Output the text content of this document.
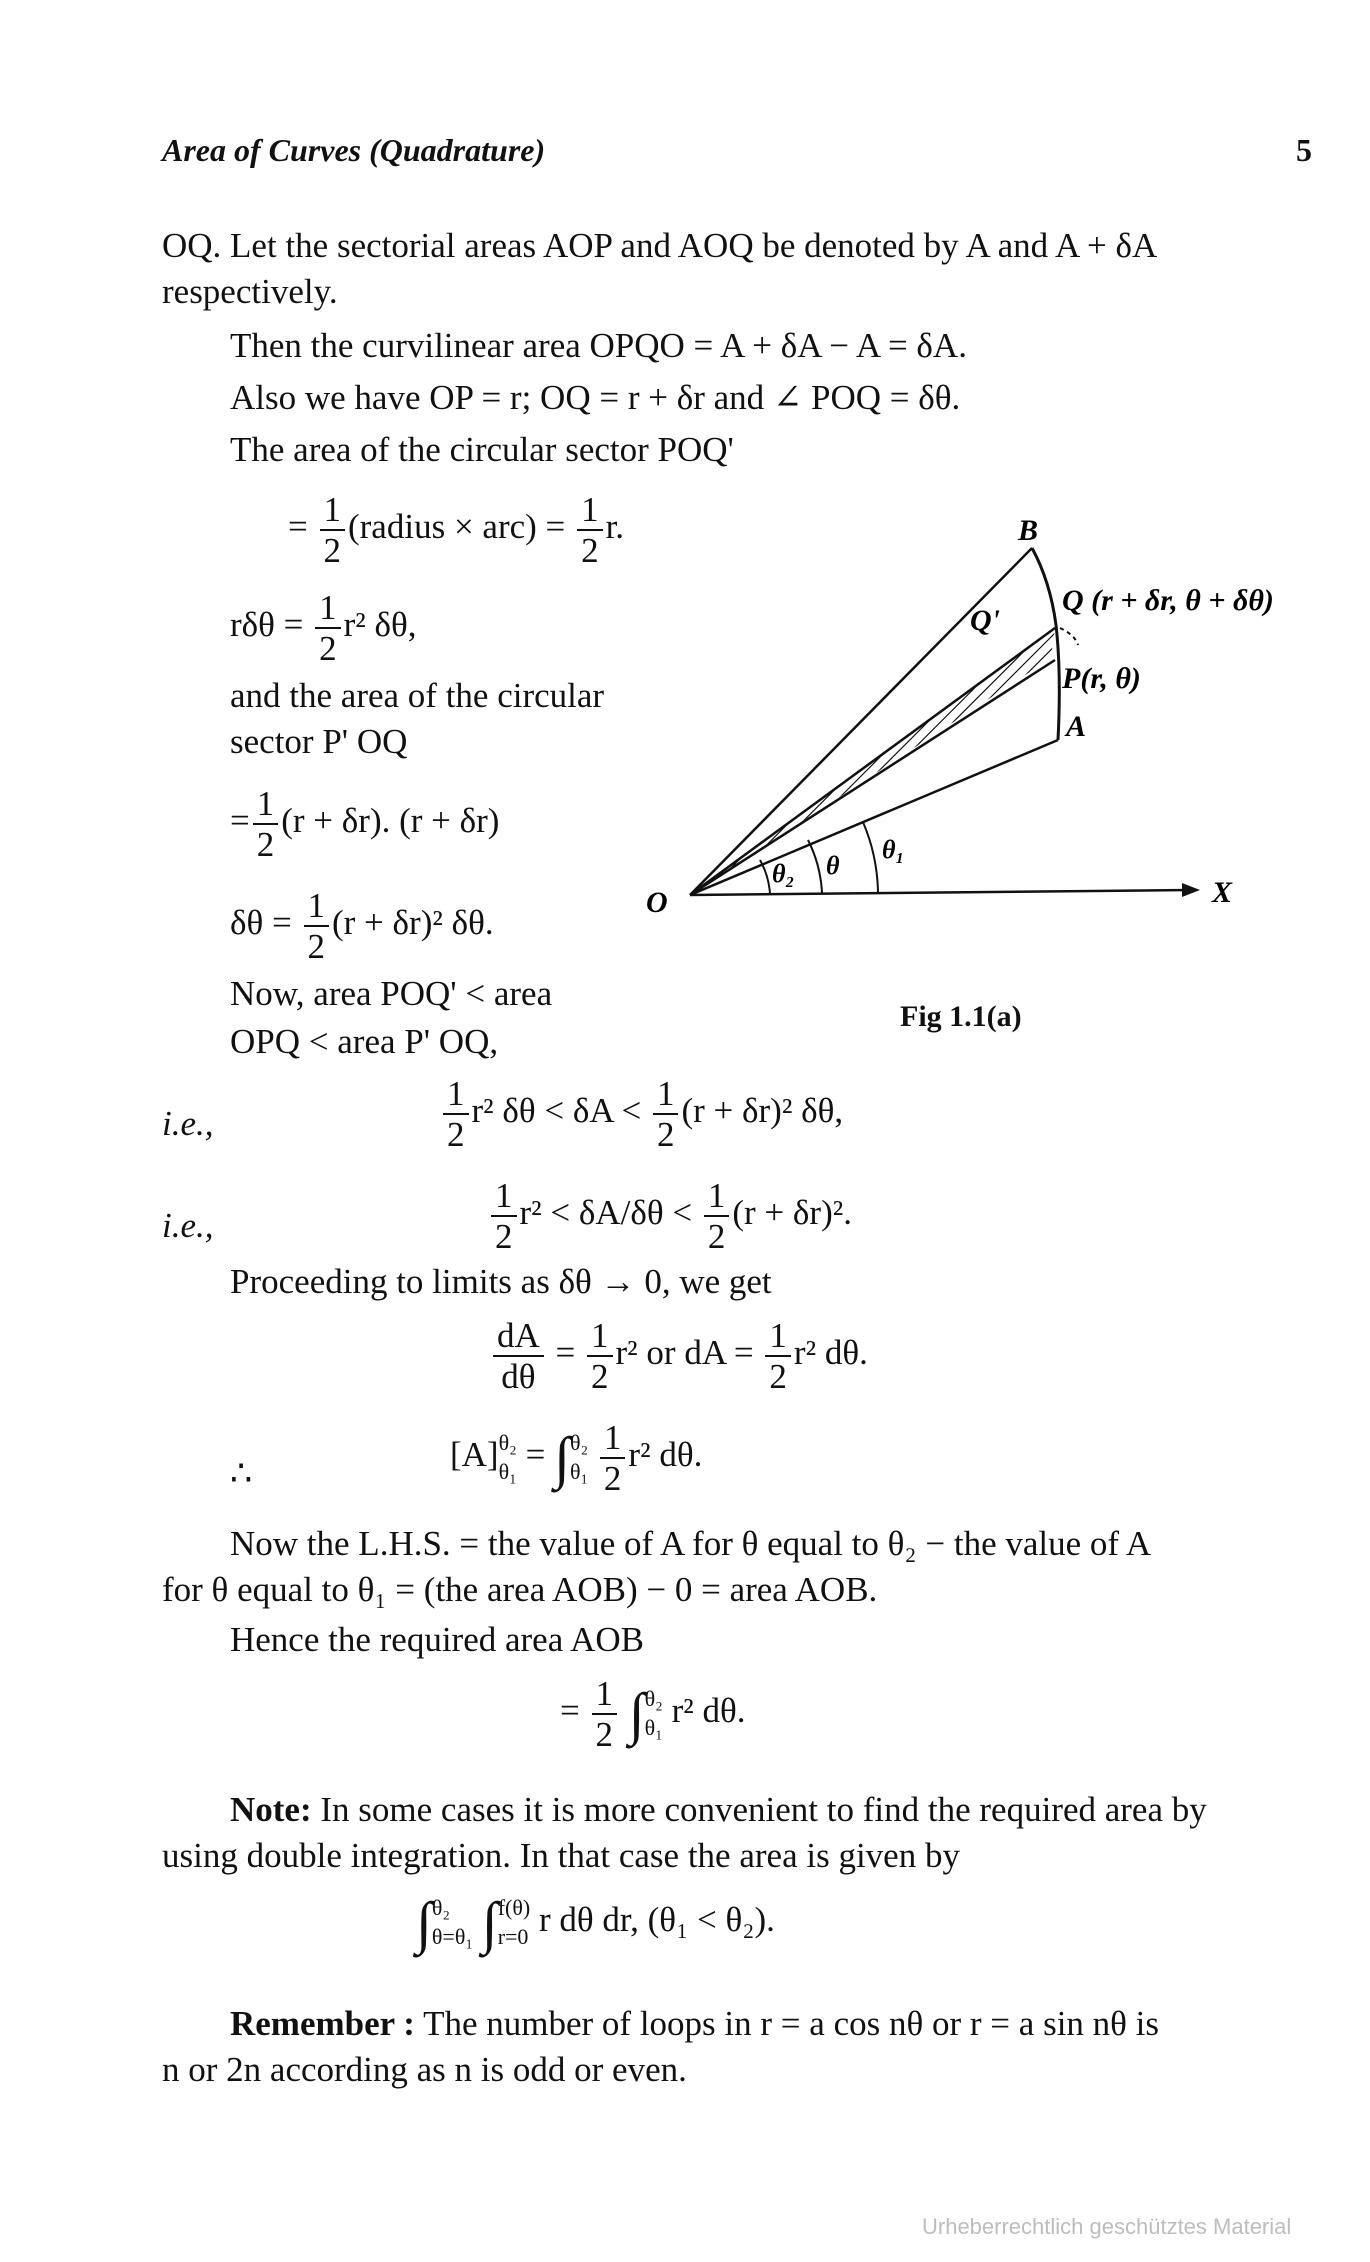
Area of Curves (Quadrature)	5
OQ. Let the sectorial areas AOP and AOQ be denoted by A and A + δA
respectively.
Then the curvilinear area OPQO = A + δA − A = δA.
Also we have OP = r; OQ = r + δr and ∠ POQ = δθ.
The area of the circular sector POQ'
= $\frac{1}{2}$ (radius × $arc) = \frac{1}{2} r$.
$r\delta\theta = \frac{1}{2} r^2$ δθ,
and the area of the circular
sector P' OQ
= $\frac{1}{2} (r + \delta r)$. (r + δr)
$\delta\theta = \frac{1}{2} (r + \delta r)^2$ δθ.
Now, area POQ' < area
OPQ < area P' OQ,
i.e.,	$\frac{1}{2} r^2$ $\delta\theta < \delta A < \frac{1}{2} (r + \delta r)^2$ δθ,
i.e.,	$\frac{1}{2} r^2 < \delta A/\delta\theta < \frac{1}{2} (r + \delta r)^2$.
Proceeding to limits as δθ → 0, we get
$\frac{dA}{d\theta} = \frac{1}{2} r^2$ or dA = $\frac{1}{2} r^2$ dθ.
∴	[A] θ₂
θ₁ = ∫ θ₂
θ₁
$\frac{1}{2} r^2$ dθ.
Now the L.H.S. = the value of A for θ equal to θ₂ − the value of A
for θ equal to θ₁ = (the area AOB) − 0 = area AOB.
Hence the required area AOB
= $\frac{1}{2}$ ∫ θ₂
θ₁ r² dθ.
Note: In some cases it is more convenient to find the required area by
using double integration. In that case the area is given by
∫ θ₂
θ=θ₁ ∫ f(θ)
r=0 r dθ dr, (θ₁ < θ₂).
Remember : The number of loops in r = a cos nθ or r = a sin nθ is
n or 2n according as n is odd or even.
B
Q (r + δr, θ + δθ)
Q'
P(r, θ)
A
O	X
θ₂ θ
θ₁
Fig 1.1(a)
Urheberrechtlich geschütztes Material
